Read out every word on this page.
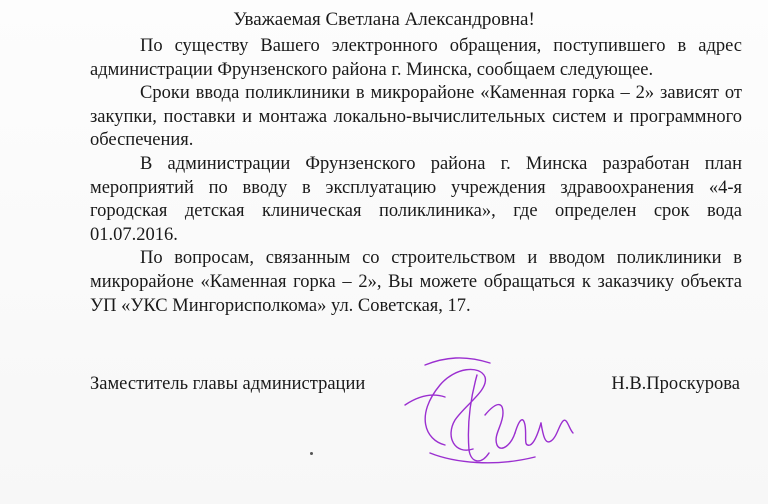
Уважаемая Светлана Александровна!

По существу Вашего электронного обращения, поступившего в адрес администрации Фрунзенского района г. Минска, сообщаем следующее.

Сроки ввода поликлиники в микрорайоне «Каменная горка – 2» зависят от закупки, поставки и монтажа локально-вычислительных систем и программного обеспечения.

В администрации Фрунзенского района г. Минска разработан план мероприятий по вводу в эксплуатацию учреждения здравоохранения «4-я городская детская клиническая поликлиника», где определен срок вода 01.07.2016.

По вопросам, связанным со строительством и вводом поликлиники в микрорайоне «Каменная горка – 2», Вы можете обращаться к заказчику объекта УП «УКС Мингорисполкома» ул. Советская, 17.

Заместитель главы администрации	Н.В.Проскурова
